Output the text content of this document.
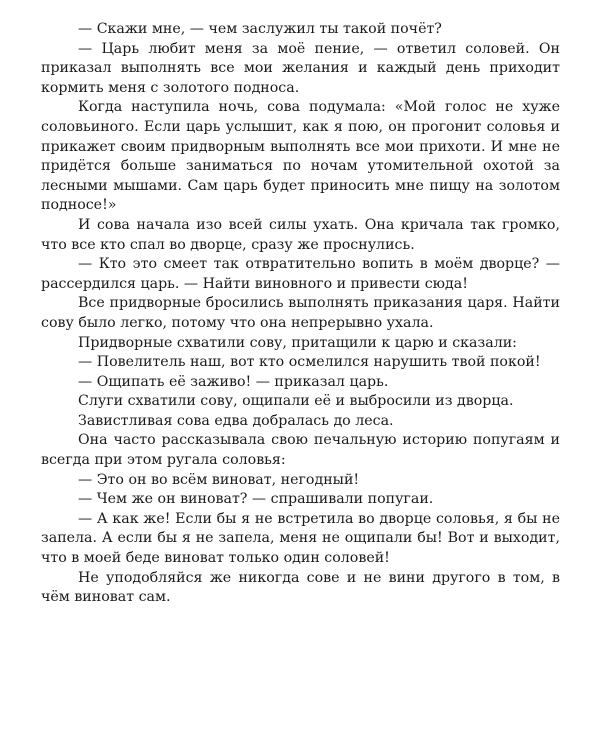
— Скажи мне, — чем заслужил ты такой почёт?

— Царь любит меня за моё пение, — ответил соловей. Он приказал выполнять все мои желания и каждый день приходит кормить меня с золотого подноса.

Когда наступила ночь, сова подумала: «Мой голос не хуже соловьиного. Если царь услышит, как я пою, он прогонит соловья и прикажет своим придворным выполнять все мои прихоти. И мне не придётся больше заниматься по ночам утомительной охотой за лесными мышами. Сам царь будет приносить мне пищу на золотом подносе!»

И сова начала изо всей силы ухать. Она кричала так громко, что все кто спал во дворце, сразу же проснулись.

— Кто это смеет так отвратительно вопить в моём дворце? — рассердился царь. — Найти виновного и привести сюда!

Все придворные бросились выполнять приказания царя. Найти сову было легко, потому что она непрерывно ухала.

Придворные схватили сову, притащили к царю и сказали:

— Повелитель наш, вот кто осмелился нарушить твой покой!

— Ощипать её заживо! — приказал царь.

Слуги схватили сову, ощипали её и выбросили из дворца.

Завистливая сова едва добралась до леса.

Она часто рассказывала свою печальную историю попугаям и всегда при этом ругала соловья:

— Это он во всём виноват, негодный!

— Чем же он виноват? — спрашивали попугаи.

— А как же! Если бы я не встретила во дворце соловья, я бы не запела. А если бы я не запела, меня не ощипали бы! Вот и выходит, что в моей беде виноват только один соловей!

Не уподобляйся же никогда сове и не вини другого в том, в чём виноват сам.
